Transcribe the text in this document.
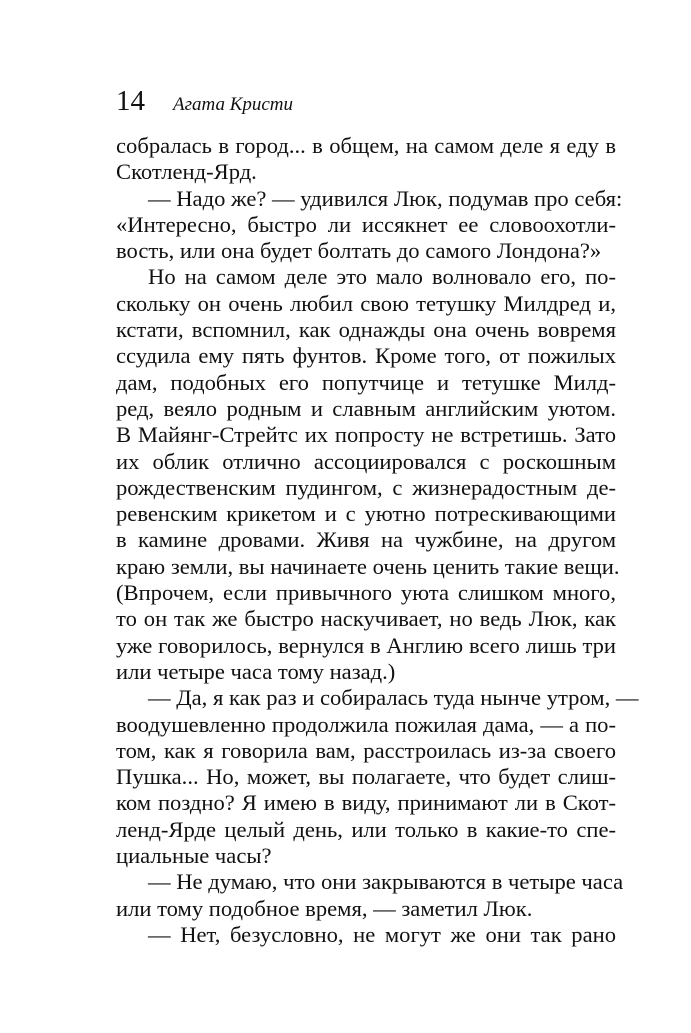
14 Агата Кристи
собралась в город... в общем, на самом деле я еду в
Скотленд-Ярд.
— Надо же? — удивился Люк, подумав про себя:
«Интересно, быстро ли иссякнет ее словоохотли-
вость, или она будет болтать до самого Лондона?»
Но на самом деле это мало волновало его, по-
скольку он очень любил свою тетушку Милдред и,
кстати, вспомнил, как однажды она очень вовремя
ссудила ему пять фунтов. Кроме того, от пожилых
дам, подобных его попутчице и тетушке Милд-
ред, веяло родным и славным английским уютом.
В Майянг-Стрейтс их попросту не встретишь. Зато
их облик отлично ассоциировался с роскошным
рождественским пудингом, с жизнерадостным де-
ревенским крикетом и с уютно потрескивающими
в камине дровами. Живя на чужбине, на другом
краю земли, вы начинаете очень ценить такие вещи.
(Впрочем, если привычного уюта слишком много,
то он так же быстро наскучивает, но ведь Люк, как
уже говорилось, вернулся в Англию всего лишь три
или четыре часа тому назад.)
— Да, я как раз и собиралась туда нынче утром, —
воодушевленно продолжила пожилая дама, — а по-
том, как я говорила вам, расстроилась из-за своего
Пушка... Но, может, вы полагаете, что будет слиш-
ком поздно? Я имею в виду, принимают ли в Скот-
ленд-Ярде целый день, или только в какие-то спе-
циальные часы?
— Не думаю, что они закрываются в четыре часа
или тому подобное время, — заметил Люк.
— Нет, безусловно, не могут же они так рано
